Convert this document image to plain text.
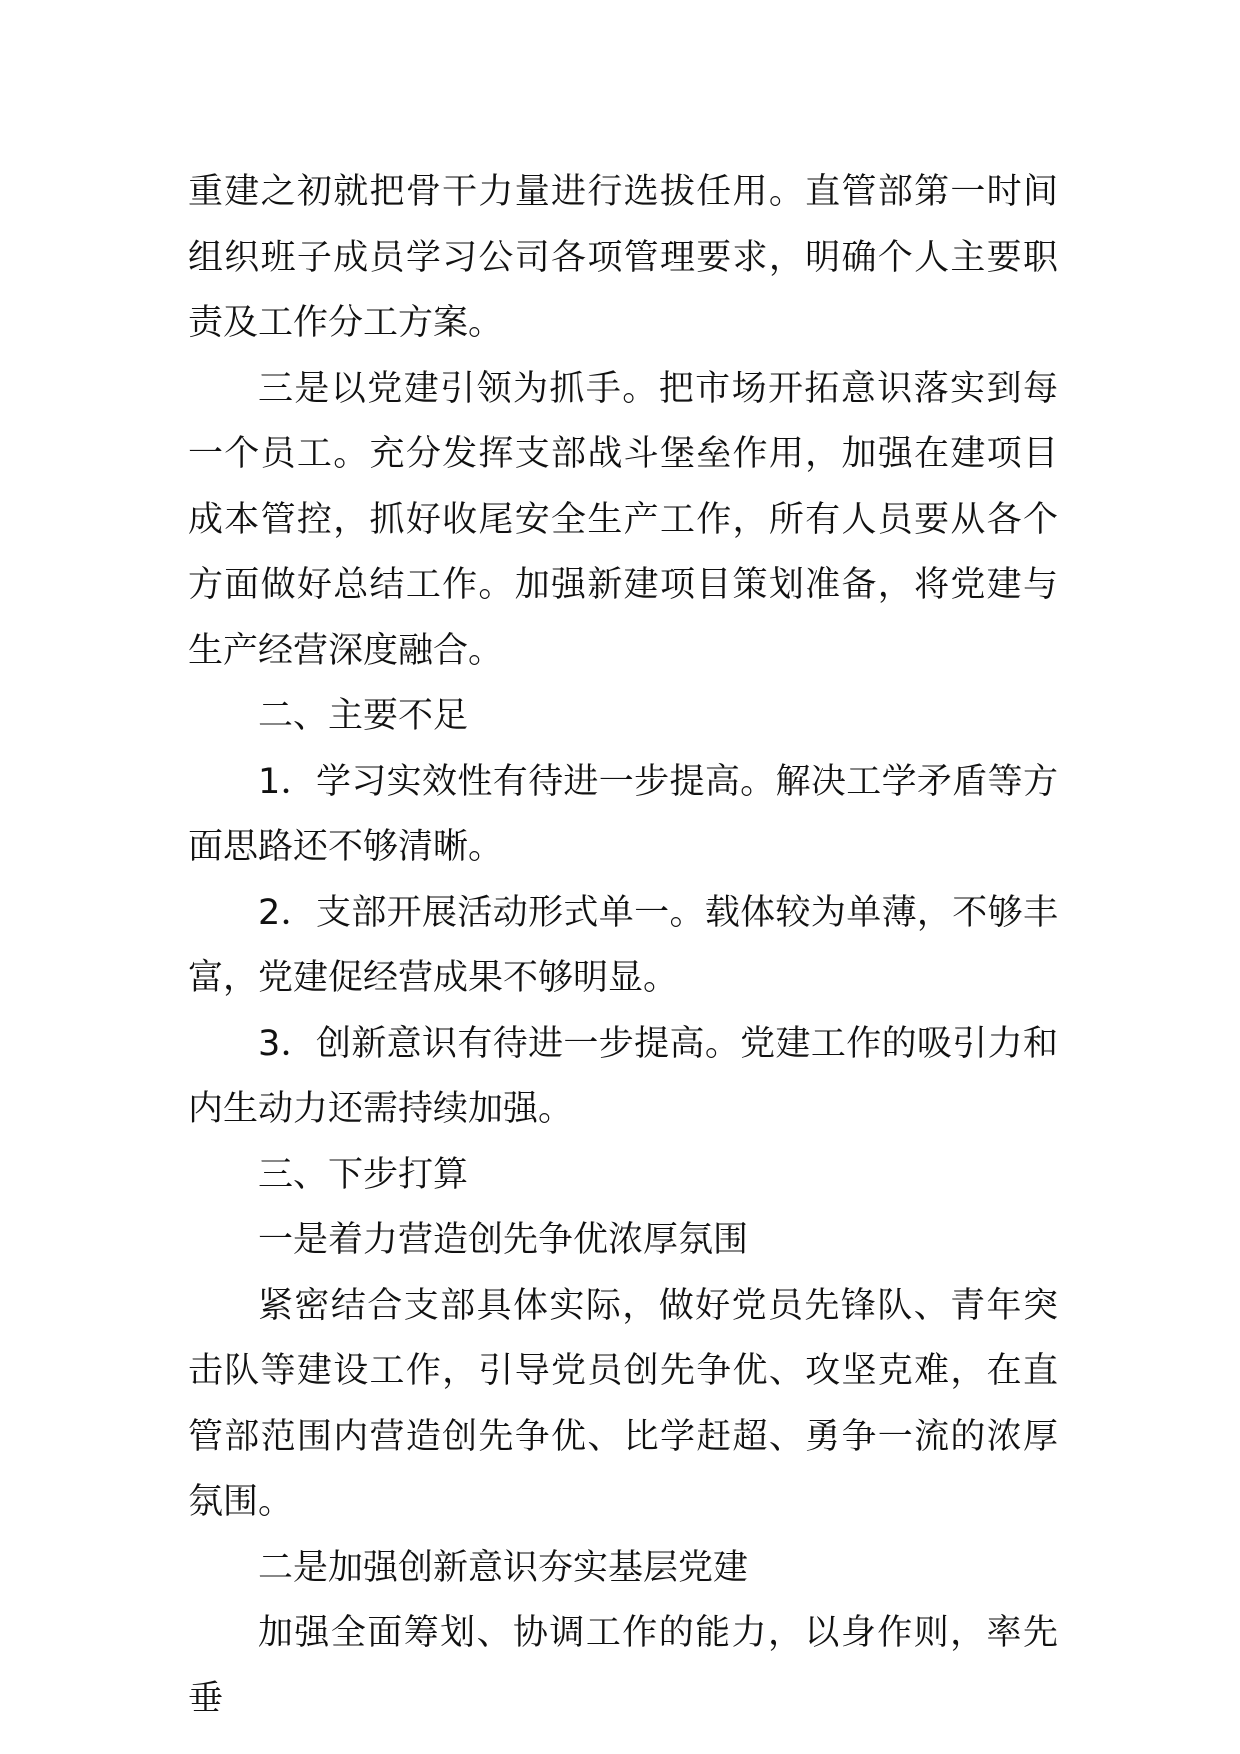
重建之初就把骨干力量进行选拔任用。直管部第一时间组织班子成员学习公司各项管理要求，明确个人主要职责及工作分工方案。

三是以党建引领为抓手。把市场开拓意识落实到每一个员工。充分发挥支部战斗堡垒作用，加强在建项目成本管控，抓好收尾安全生产工作，所有人员要从各个方面做好总结工作。加强新建项目策划准备，将党建与生产经营深度融合。

二、主要不足

1．学习实效性有待进一步提高。解决工学矛盾等方面思路还不够清晰。

2．支部开展活动形式单一。载体较为单薄，不够丰富，党建促经营成果不够明显。

3．创新意识有待进一步提高。党建工作的吸引力和内生动力还需持续加强。

三、下步打算

一是着力营造创先争优浓厚氛围

紧密结合支部具体实际，做好党员先锋队、青年突击队等建设工作，引导党员创先争优、攻坚克难，在直管部范围内营造创先争优、比学赶超、勇争一流的浓厚氛围。

二是加强创新意识夯实基层党建

加强全面筹划、协调工作的能力，以身作则，率先垂
